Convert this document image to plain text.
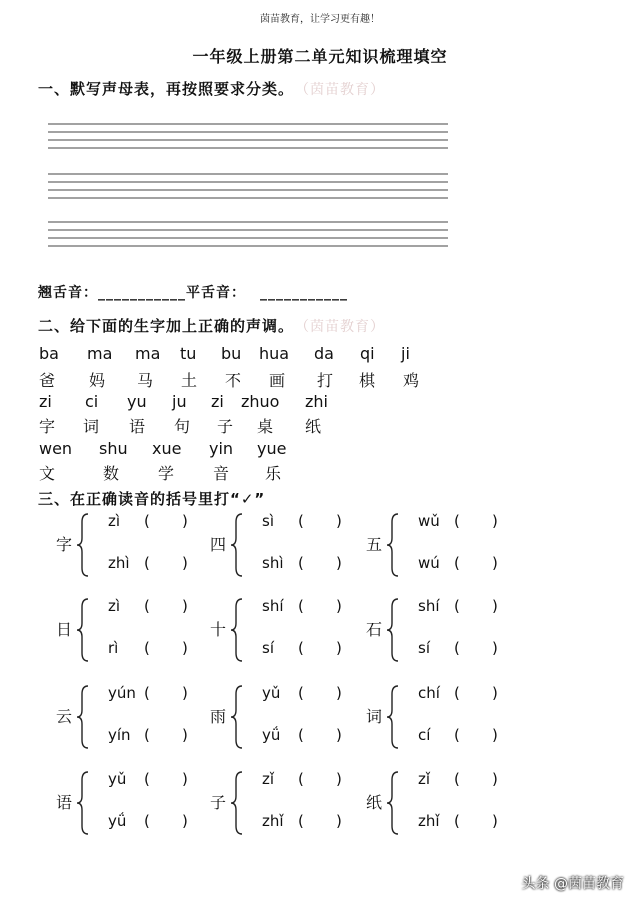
茵苗教育，让学习更有趣！
一年级上册第二单元知识梳理填空
一、默写声母表，再按照要求分类。 （茵苗教育）
翘舌音：___________平舌音： ___________
二、给下面的生字加上正确的声调。 （茵苗教育）
ba ma ma tu bu hua da qi ji
爸 妈 马 土 不 画 打 棋 鸡
zi ci yu ju zi zhuo zhi
字 词 语 句 子 桌 纸
wen shu xue yin yue
文	数 学 音 乐
三、在正确读音的括号里打“✓”
字
zì ( )
zhì ( )
四
sì ( )
shì ( )
五
wǔ ( )
wú ( )
日
zì ( )
rì ( )
十
shí ( )
sí ( )
石
shí ( )
sí ( )
云
yún ( )
yín ( )
雨
yǔ ( )
yǘ ( )
词
chí ( )
cí ( )
语
yǔ ( )
yǘ ( )
子
zǐ ( )
zhǐ ( )
纸
zǐ ( )
zhǐ ( )
头条 @茵苗教育
